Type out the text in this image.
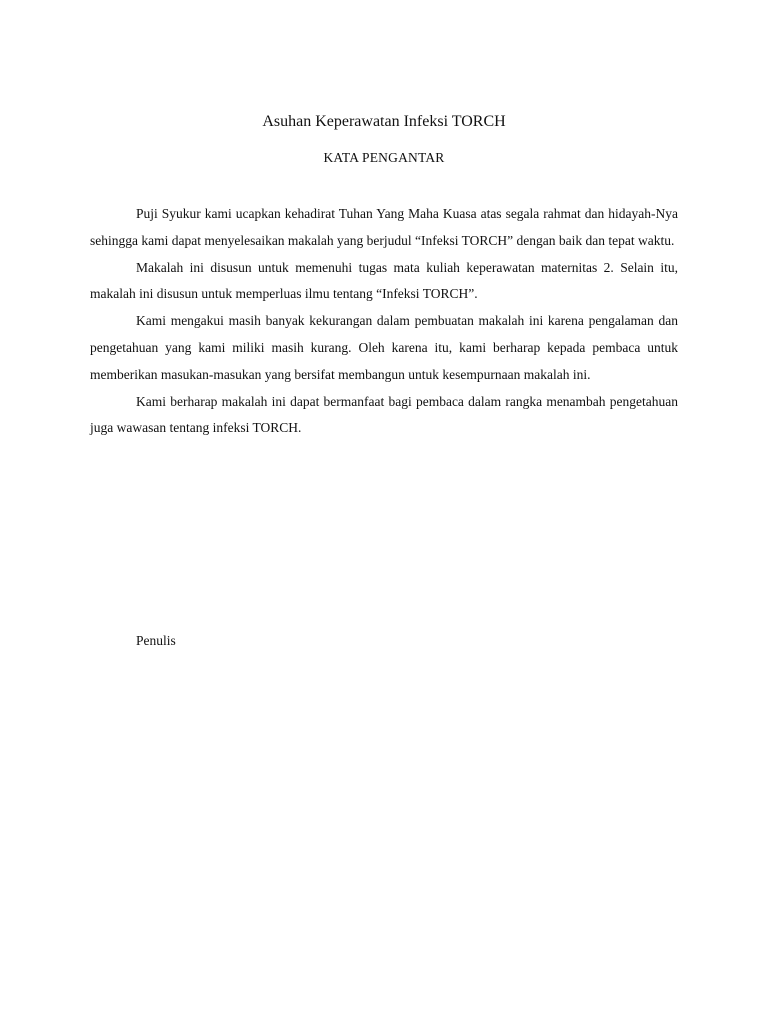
Asuhan Keperawatan Infeksi TORCH
KATA PENGANTAR

Puji Syukur kami ucapkan kehadirat Tuhan Yang Maha Kuasa atas segala rahmat dan hidayah-Nya sehingga kami dapat menyelesaikan makalah yang berjudul “Infeksi TORCH” dengan baik dan tepat waktu.

Makalah ini disusun untuk memenuhi tugas mata kuliah keperawatan maternitas 2. Selain itu, makalah ini disusun untuk memperluas ilmu tentang “Infeksi TORCH”.

Kami mengakui masih banyak kekurangan dalam pembuatan makalah ini karena pengalaman dan pengetahuan yang kami miliki masih kurang. Oleh karena itu, kami berharap kepada pembaca untuk memberikan masukan-masukan yang bersifat membangun untuk kesempurnaan makalah ini.

Kami berharap makalah ini dapat bermanfaat bagi pembaca dalam rangka menambah pengetahuan juga wawasan tentang infeksi TORCH.

Penulis
